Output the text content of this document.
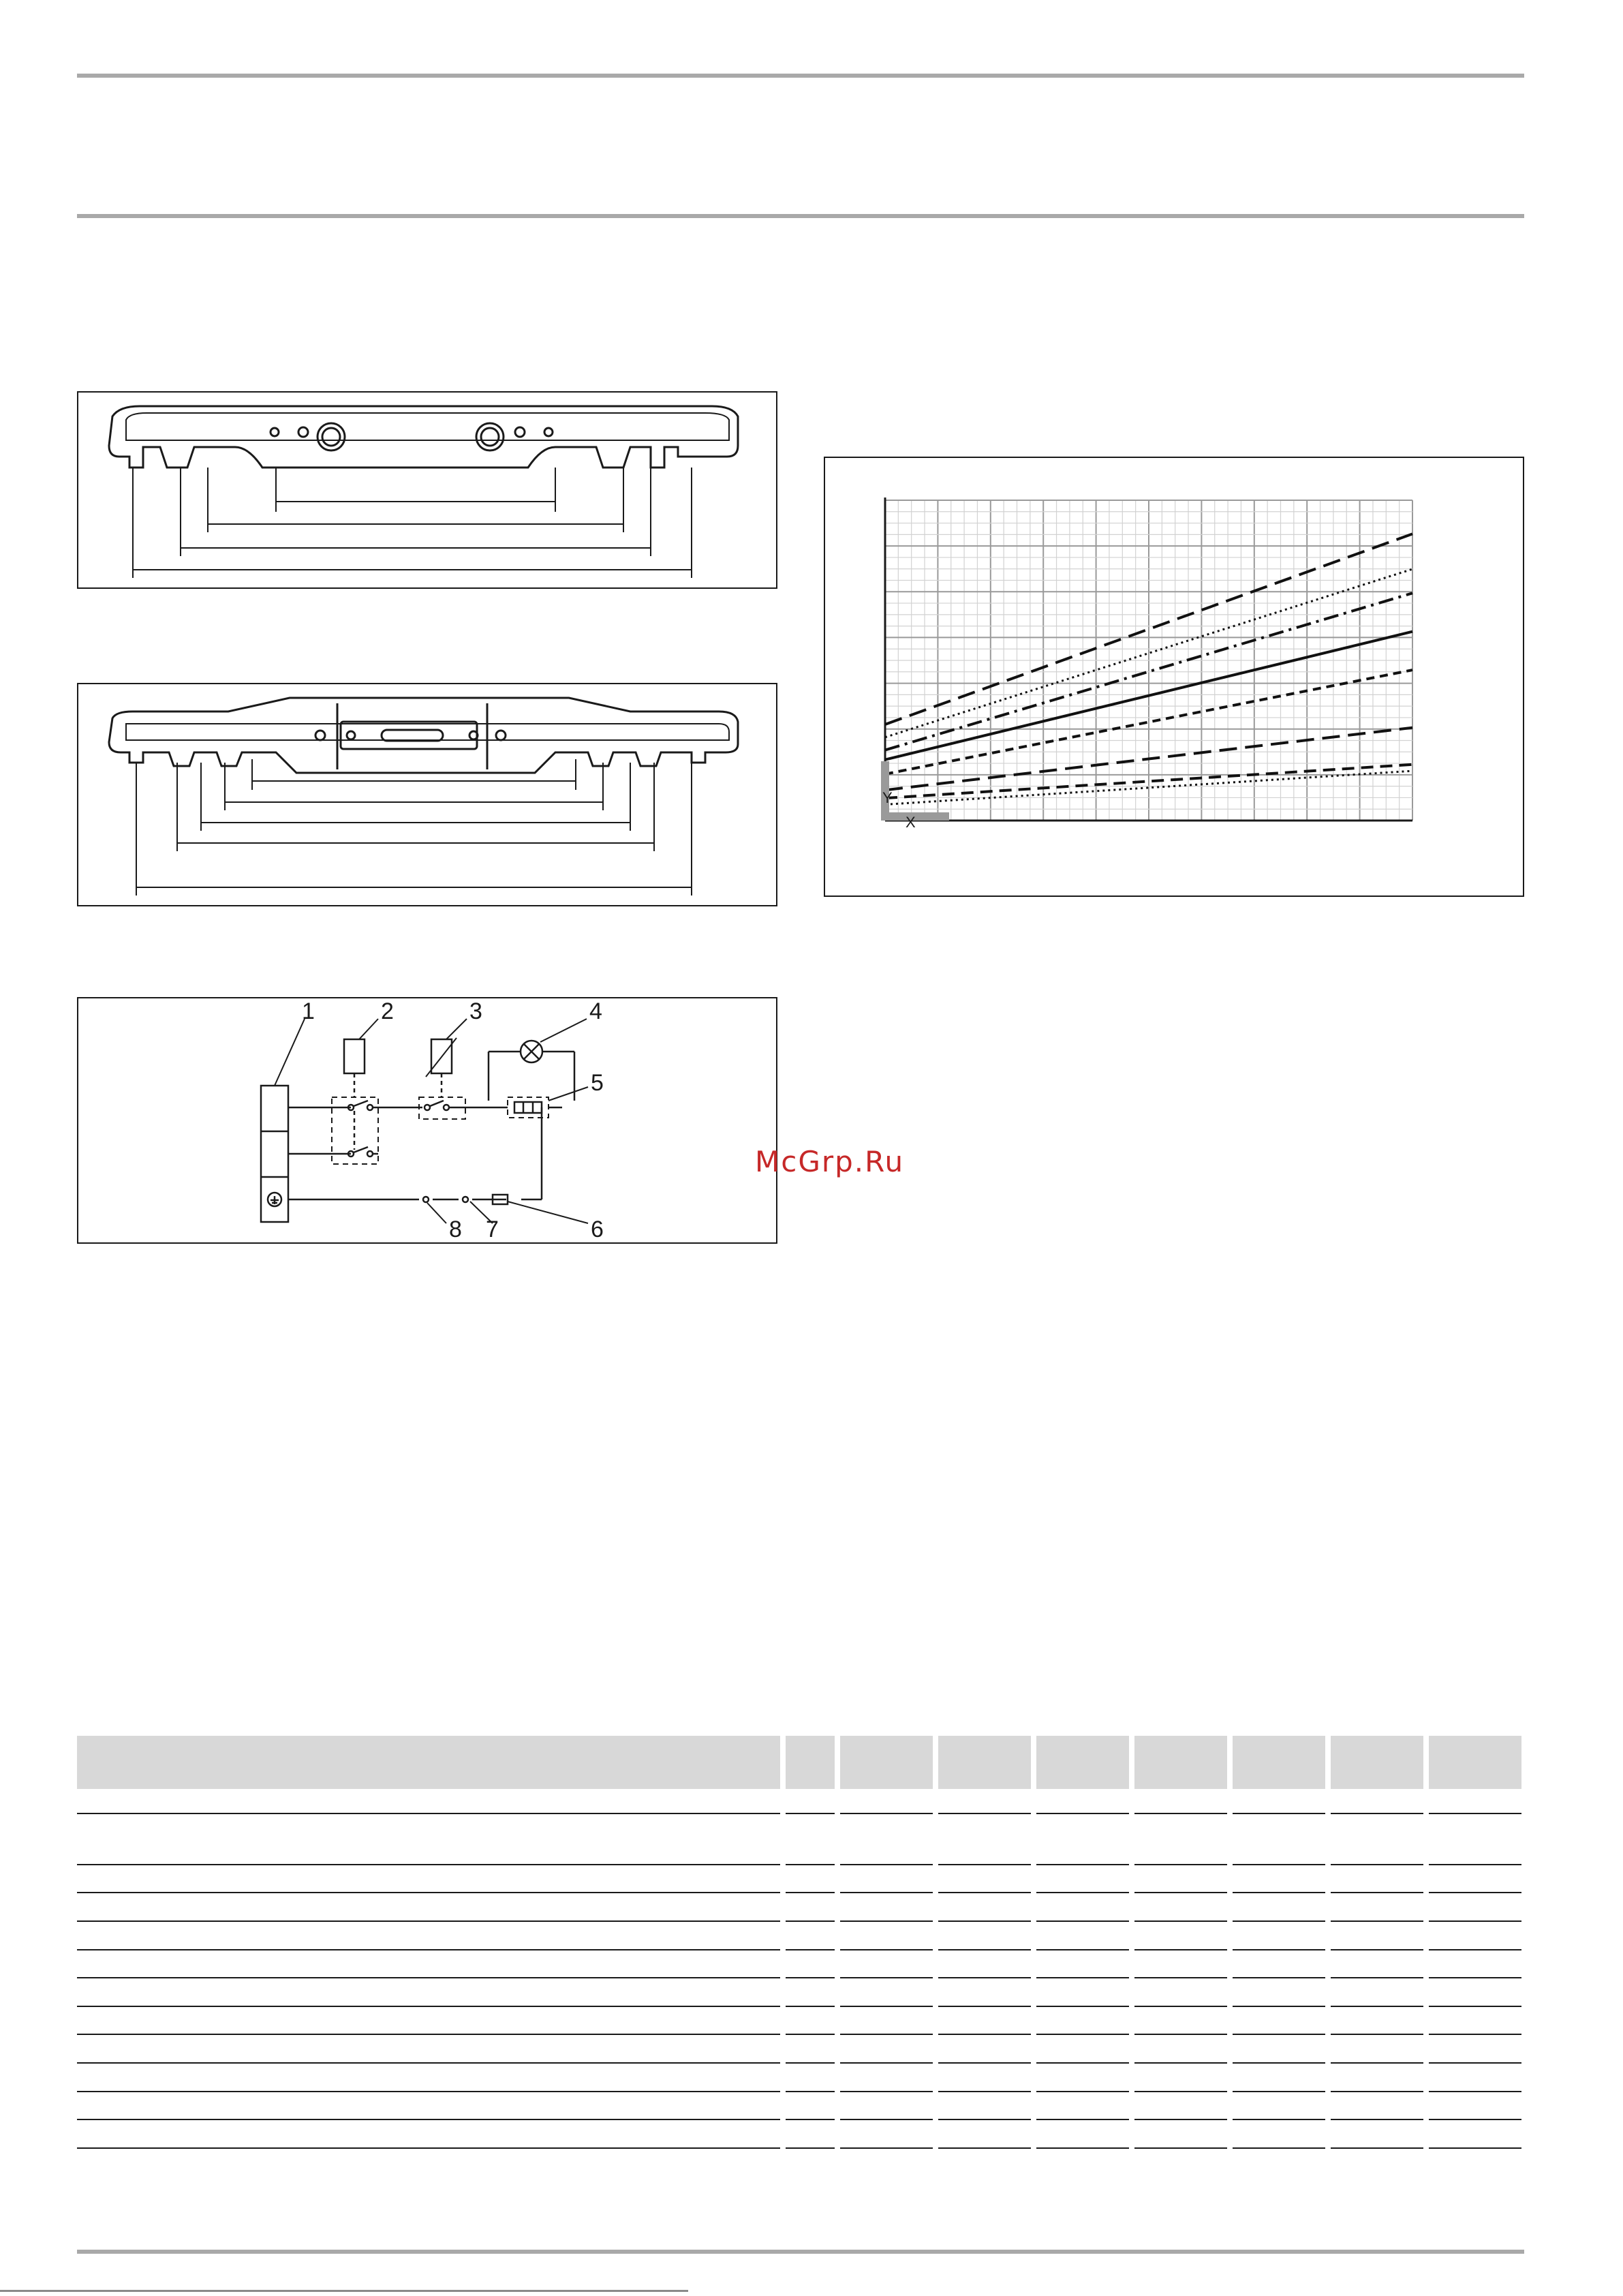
1	2	3	4
5
6
7
8
Y
X
McGrp.Ru
